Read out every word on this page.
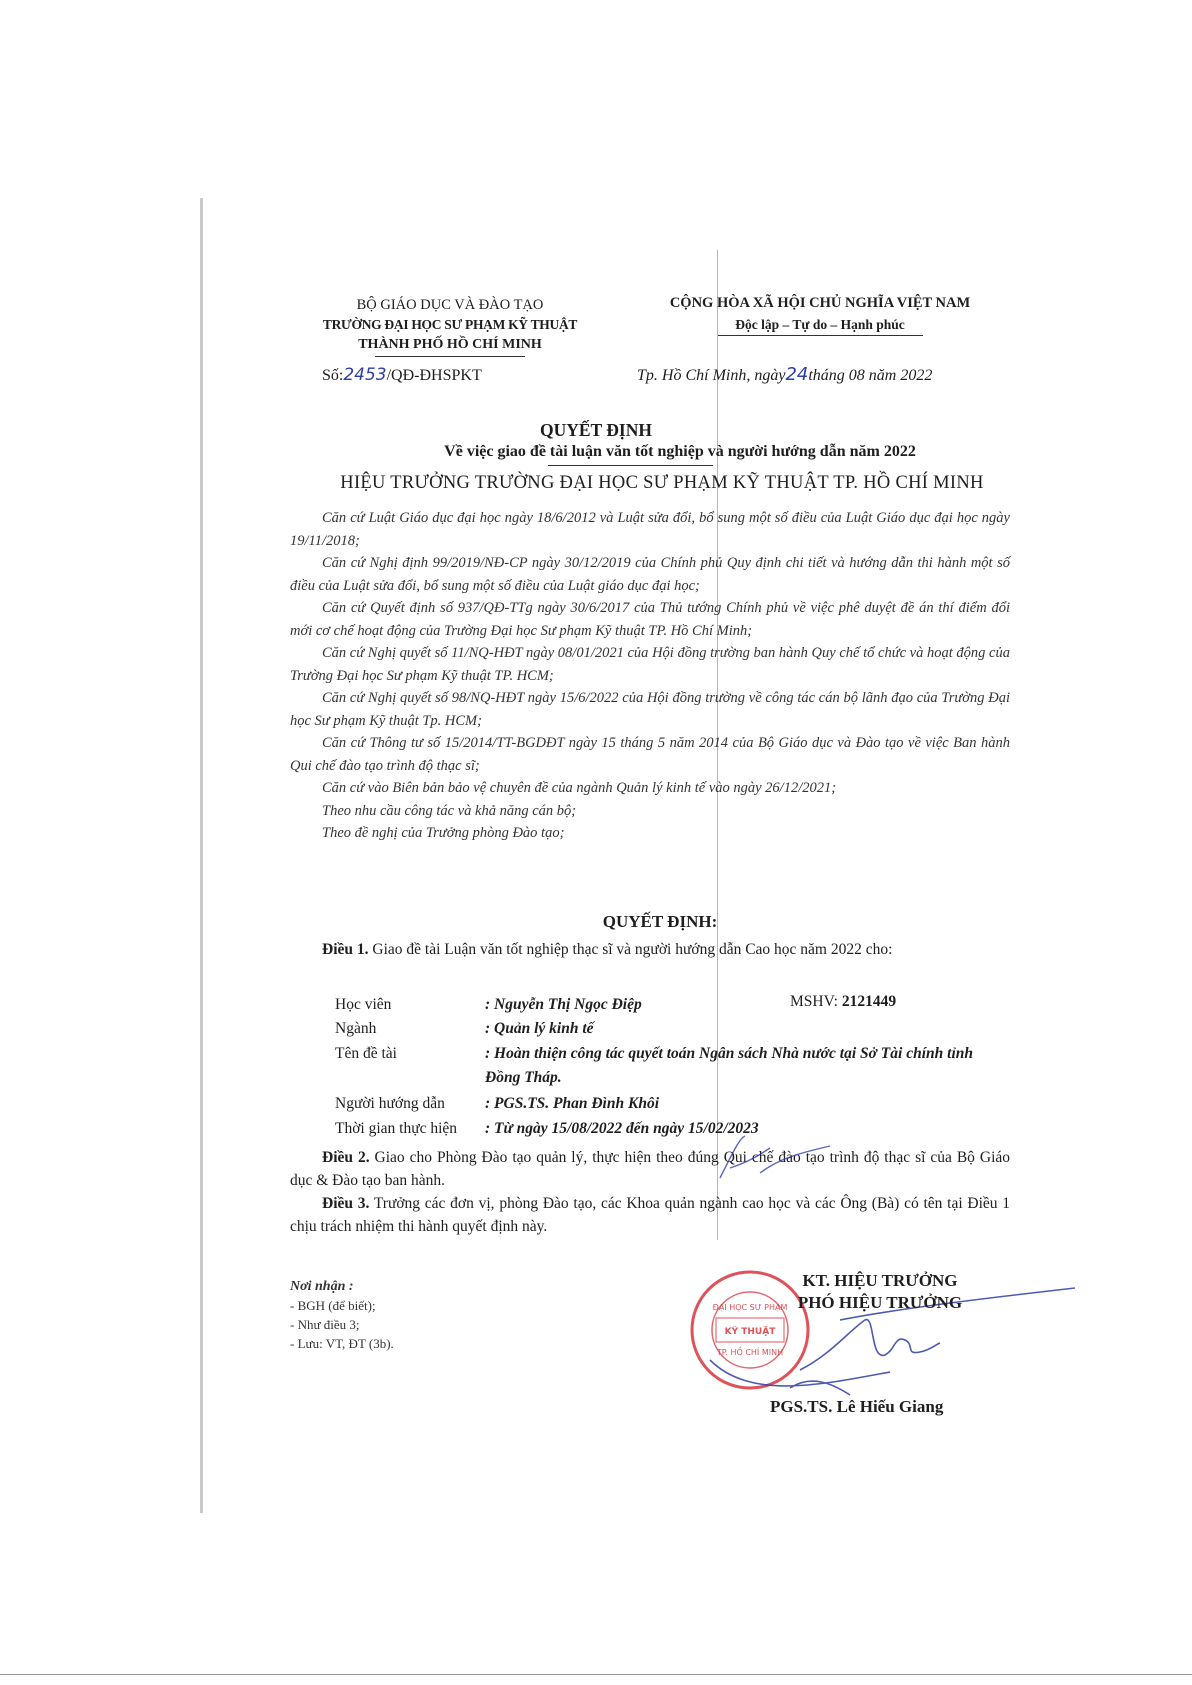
BỘ GIÁO DỤC VÀ ĐÀO TẠO
TRƯỜNG ĐẠI HỌC SƯ PHẠM KỸ THUẬT
THÀNH PHỐ HỒ CHÍ MINH
Số:2453/QĐ-ĐHSPKT
CỘNG HÒA XÃ HỘI CHỦ NGHĨA VIỆT NAM
Độc lập – Tự do – Hạnh phúc
Tp. Hồ Chí Minh, ngày24tháng 08 năm 2022
QUYẾT ĐỊNH
Về việc giao đề tài luận văn tốt nghiệp và người hướng dẫn năm 2022
HIỆU TRƯỞNG TRƯỜNG ĐẠI HỌC SƯ PHẠM KỸ THUẬT TP. HỒ CHÍ MINH

Căn cứ Luật Giáo dục đại học ngày 18/6/2012 và Luật sửa đổi, bổ sung một số điều của Luật Giáo dục đại học ngày 19/11/2018;

Căn cứ Nghị định 99/2019/NĐ-CP ngày 30/12/2019 của Chính phủ Quy định chi tiết và hướng dẫn thi hành một số điều của Luật sửa đổi, bổ sung một số điều của Luật giáo dục đại học;

Căn cứ Quyết định số 937/QĐ-TTg ngày 30/6/2017 của Thủ tướng Chính phủ về việc phê duyệt đề án thí điểm đổi mới cơ chế hoạt động của Trường Đại học Sư phạm Kỹ thuật TP. Hồ Chí Minh;

Căn cứ Nghị quyết số 11/NQ-HĐT ngày 08/01/2021 của Hội đồng trường ban hành Quy chế tổ chức và hoạt động của Trường Đại học Sư phạm Kỹ thuật TP. HCM;

Căn cứ Nghị quyết số 98/NQ-HĐT ngày 15/6/2022 của Hội đồng trường về công tác cán bộ lãnh đạo của Trường Đại học Sư phạm Kỹ thuật Tp. HCM;

Căn cứ Thông tư số 15/2014/TT-BGDĐT ngày 15 tháng 5 năm 2014 của Bộ Giáo dục và Đào tạo về việc Ban hành Qui chế đào tạo trình độ thạc sĩ;

Căn cứ vào Biên bản bảo vệ chuyên đề của ngành Quản lý kinh tế vào ngày 26/12/2021;

Theo nhu cầu công tác và khả năng cán bộ;

Theo đề nghị của Trưởng phòng Đào tạo;

QUYẾT ĐỊNH:

Điều 1. Giao đề tài Luận văn tốt nghiệp thạc sĩ và người hướng dẫn Cao học năm 2022 cho:

Học viên	: Nguyễn Thị Ngọc Điệp	MSHV: 2121449
Ngành	: Quản lý kinh tế
Tên đề tài	: Hoàn thiện công tác quyết toán Ngân sách Nhà nước tại Sở Tài chính tỉnh Đồng Tháp.
Người hướng dẫn	: PGS.TS. Phan Đình Khôi
Thời gian thực hiện : Từ ngày 15/08/2022 đến ngày 15/02/2023

Điều 2. Giao cho Phòng Đào tạo quản lý, thực hiện theo đúng Qui chế đào tạo trình độ thạc sĩ của Bộ Giáo dục & Đào tạo ban hành.

Điều 3. Trưởng các đơn vị, phòng Đào tạo, các Khoa quản ngành cao học và các Ông (Bà) có tên tại Điều 1 chịu trách nhiệm thi hành quyết định này.

Nơi nhận :
- BGH (để biết);
- Như điều 3;
- Lưu: VT, ĐT (3b).
ĐẠI HỌC SƯ PHẠM
KỸ THUẬT
TP. HỒ CHÍ MINH
KT. HIỆU TRƯỞNG
PHÓ HIỆU TRƯỞNG
PGS.TS. Lê Hiếu Giang
